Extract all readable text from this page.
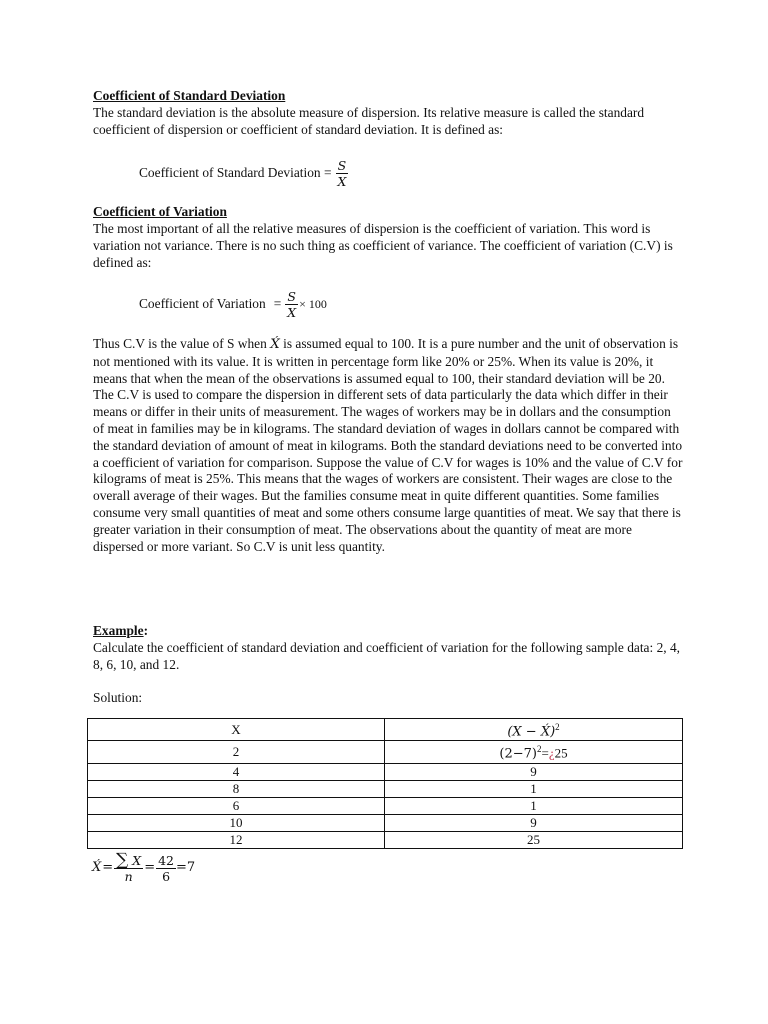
Coefficient of Standard Deviation

The standard deviation is the absolute measure of dispersion. Its relative measure is called the standard coefficient of dispersion or coefficient of standard deviation. It is defined as:

Coefficient of Standard Deviation = $\frac{S}{X}$
Coefficient of Variation

The most important of all the relative measures of dispersion is the coefficient of variation. This word is variation not variance. There is no such thing as coefficient of variance. The coefficient of variation (C.V) is defined as:

Coefficient of Variation = $\frac{S}{X} \times 100$

Thus C.V is the value of S when X́ is assumed equal to 100. It is a pure number and the unit of observation is not mentioned with its value. It is written in percentage form like 20% or 25%. When its value is 20%, it means that when the mean of the observations is assumed equal to 100, their standard deviation will be 20. The C.V is used to compare the dispersion in different sets of data particularly the data which differ in their means or differ in their units of measurement. The wages of workers may be in dollars and the consumption of meat in families may be in kilograms. The standard deviation of wages in dollars cannot be compared with the standard deviation of amount of meat in kilograms. Both the standard deviations need to be converted into a coefficient of variation for comparison. Suppose the value of C.V for wages is 10% and the value of C.V for kilograms of meat is 25%. This means that the wages of workers are consistent. Their wages are close to the overall average of their wages. But the families consume meat in quite different quantities. Some families consume very small quantities of meat and some others consume large quantities of meat. We say that there is greater variation in their consumption of meat. The observations about the quantity of meat are more dispersed or more variant. So C.V is unit less quantity.

Example:

Calculate the coefficient of standard deviation and coefficient of variation for the following sample data: 2, 4, 8, 6, 10, and 12.

Solution:
X	(X − X́)$^2$
2	$(2-7)^2=¿25$
4	9
8	1
6	1
10	9
12	25
X́ = $\frac{\sum X}{n} = \frac{42}{6} =7$
